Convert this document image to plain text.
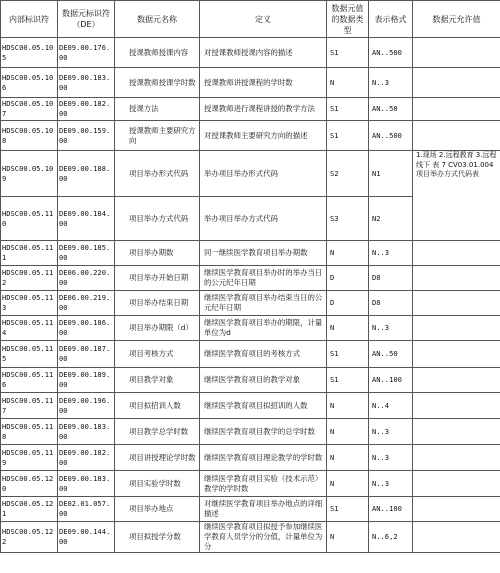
内部标识符	数据元标识符（DE）	数据元名称	定义	数据元值的数据类型	表示格式	数据元允许值
HDSC00.05.105	DE09.00.176.00	授课教师授课内容	对授课教师授课内容的描述	S1	AN..500	
HDSC00.05.106	DE09.00.183.00	授课教师授课学时数	授课教师讲授课程的学时数	N	N..3	
HDSC00.05.107	DE09.00.182.00	授课方法	授课教师进行课程讲授的教学方法	S1	AN..50	
HDSC00.05.108	DE09.00.159.00	授课教师主要研究方向	对授课教师主要研究方向的描述	S1	AN..500	
HDSC00.05.109	DE09.00.188.00	项目举办形式代码	举办项目举办形式代码	S2	N1	1.现场 2.远程教育 3.远程线下 表 7 CV03.01.004 项目举办方式代码表
HDSC00.05.110	DE09.00.184.00	项目举办方式代码	举办项目举办方式代码	S3	N2	
HDSC00.05.111	DE09.00.185.00	项目举办期数	同一继续医学教育项目举办期数	N	N..3	
HDSC00.05.112	DE06.00.220.00	项目举办开始日期	继续医学教育项目举办时的举办当日的公元纪年日期	D	D8	
HDSC00.05.113	DE06.00.219.00	项目举办结束日期	继续医学教育项目举办结束当日的公元纪年日期	D	D8	
HDSC00.05.114	DE09.00.186.00	项目举办期限（d）	继续医学教育项目举办的期限，计量单位为d	N	N..3	
HDSC00.05.115	DE09.00.187.00	项目考核方式	继续医学教育项目的考核方式	S1	AN..50	
HDSC00.05.116	DE09.00.189.00	项目教学对象	继续医学教育项目的教学对象	S1	AN..100	
HDSC00.05.117	DE09.00.196.00	项目拟招训人数	继续医学教育项目拟招训的人数	N	N..4	
HDSC00.05.118	DE09.00.183.00	项目教学总学时数	继续医学教育项目教学的总学时数	N	N..3	
HDSC00.05.119	DE09.00.182.00	项目讲授理论学时数	继续医学教育项目理论教学的学时数	N	N..3	
HDSC00.05.120	DE09.00.183.00	项目实验学时数	继续医学教育项目实验（技术示范）教学的学时数	N	N..3	
HDSC00.05.121	DE02.01.057.00	项目举办地点	对继续医学教育项目举办地点的详细描述	S1	AN..100	
HDSC00.05.122	DE09.00.144.00	项目拟授学分数	继续医学教育项目拟授予参加继续医学教育人员学分的分值，计量单位为分	N	N..6,2	
